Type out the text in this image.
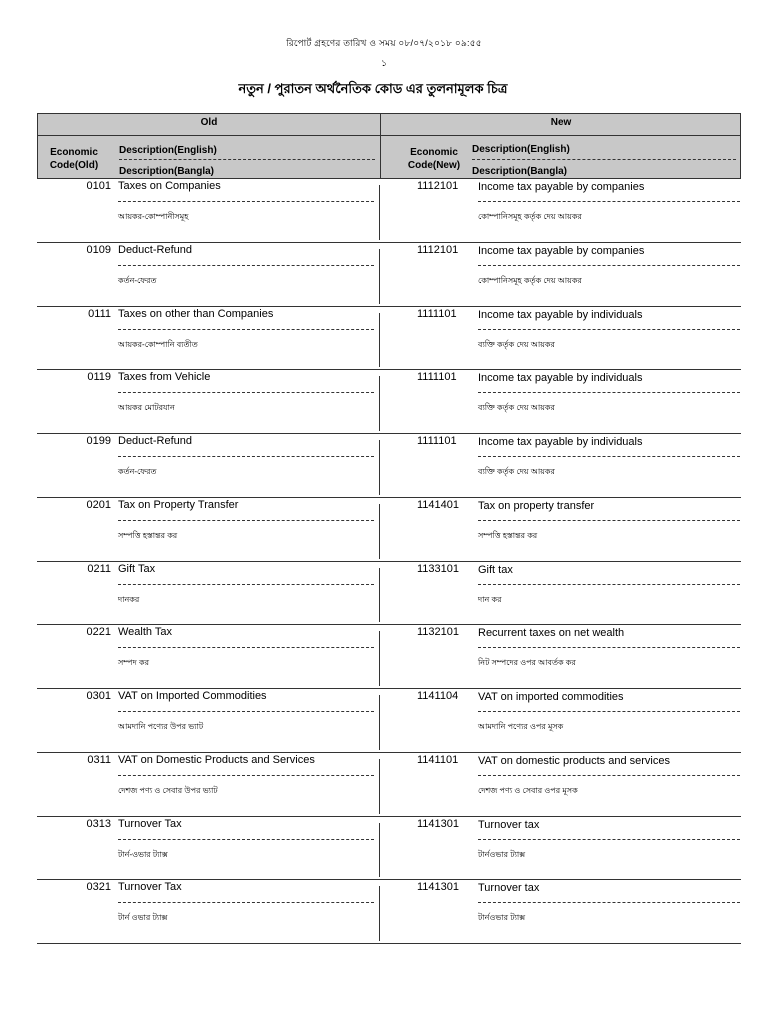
রিপোর্ট গ্রহণের তারিখ ও সময় ০৮/০৭/২০১৮ ০৯:৫৫
১
নতুন / পুরাতন অর্থনৈতিক কোড এর তুলনামূলক চিত্র
Old	New
Economic Code(Old)
Economic Code(New)
Description(English)
Description(Bangla)
Description(English)
Description(Bangla)
0101 Taxes on Companies
আয়কর-কোম্পানীসমূহ
1112101 Income tax payable by companies
কোম্পানিসমূহ কর্তৃক দেয় আয়কর
0109 Deduct-Refund
কর্তন-ফেরত
1112101 Income tax payable by companies
কোম্পানিসমূহ কর্তৃক দেয় আয়কর
0111 Taxes on other than Companies
আয়কর-কোম্পানি ব্যতীত
1111101 Income tax payable by individuals
ব্যক্তি কর্তৃক দেয় আয়কর
0119 Taxes from Vehicle
আয়কর মোটরযান
1111101 Income tax payable by individuals
ব্যক্তি কর্তৃক দেয় আয়কর
0199 Deduct-Refund
কর্তন-ফেরত
1111101 Income tax payable by individuals
ব্যক্তি কর্তৃক দেয় আয়কর
0201 Tax on Property Transfer
সম্পত্তি হস্তান্তর কর
1141401 Tax on property transfer
সম্পত্তি হস্তান্তর কর
0211 Gift Tax
দানকর
1133101 Gift tax
দান কর
0221 Wealth Tax
সম্পদ কর
1132101 Recurrent taxes on net wealth
নিট সম্পদের ওপর আবর্তক কর
0301 VAT on Imported Commodities
আমদানি পণ্যের উপর ভ্যাট
1141104 VAT on imported commodities
আমদানি পণ্যের ওপর মূসক
0311 VAT on Domestic Products and Services
দেশজ পণ্য ও সেবার উপর ভ্যাট
1141101 VAT on domestic products and services
দেশজ পণ্য ও সেবার ওপর মূসক
0313 Turnover Tax
টার্ন-ওভার ট্যাক্স
1141301 Turnover tax
টার্নওভার ট্যাক্স
0321 Turnover Tax
টার্ন ওভার ট্যাক্স
1141301 Turnover tax
টার্নওভার ট্যাক্স
